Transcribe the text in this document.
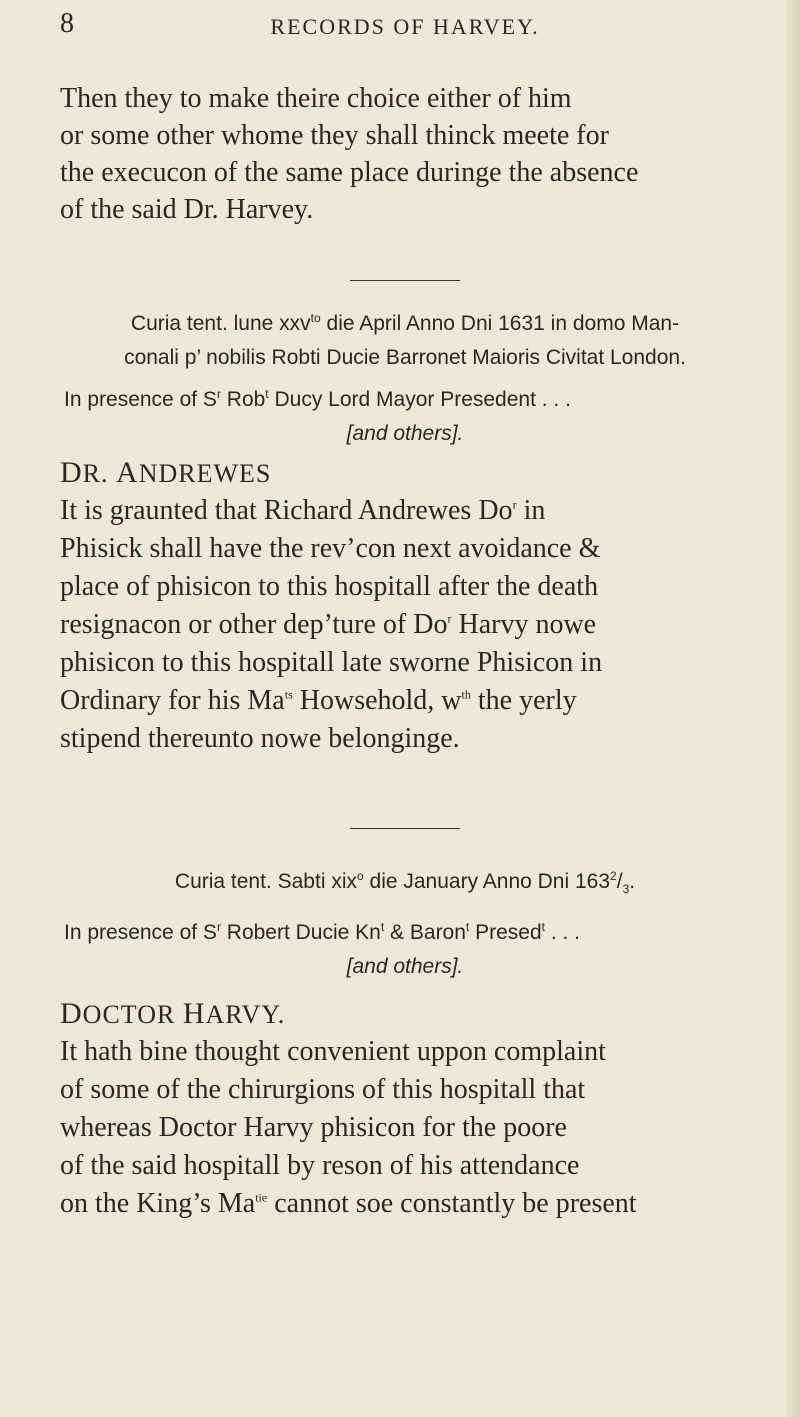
8	RECORDS OF HARVEY.

Then they to make theire choice either of him
or some other whome they shall thinck meete for
the execucon of the same place duringe the absence
of the said Dr. Harvey.

Curia tent. lune xxv$^{to}$ die April Anno Dni 1631 in domo Man-
conali p’ nobilis Robti Ducie Barronet Maioris Civitat London.
In presence of $S^r$ Rob$^t$ Ducy Lord Mayor Presedent . . .
[and others].
DR. ANDREWES

It is graunted that Richard Andrewes Do$^r$ in
Phisick shall have the rev’con next avoidance &
place of phisicon to this hospitall after the death
resignacon or other dep’ture of Do$^r$ Harvy nowe
phisicon to this hospitall late sworne Phisicon in
Ordinary for his $Ma^{ts}$ Howsehold, $w^{th}$ the yerly
stipend thereunto nowe belonginge.

Curia tent. Sabti xix$^o$ die January Anno Dni $163^2/_3$.
In presence of $S^r$ Robert Ducie Kn$^t$ & Baron$^t$ Presed$^t$ . . .
[and others].
DOCTOR HARVY.

It hath bine thought convenient uppon complaint
of some of the chirurgions of this hospitall that
whereas Doctor Harvy phisicon for the poore
of the said hospitall by reson of his attendance
on the King’s $Ma^{tie}$ cannot soe constantly be present
